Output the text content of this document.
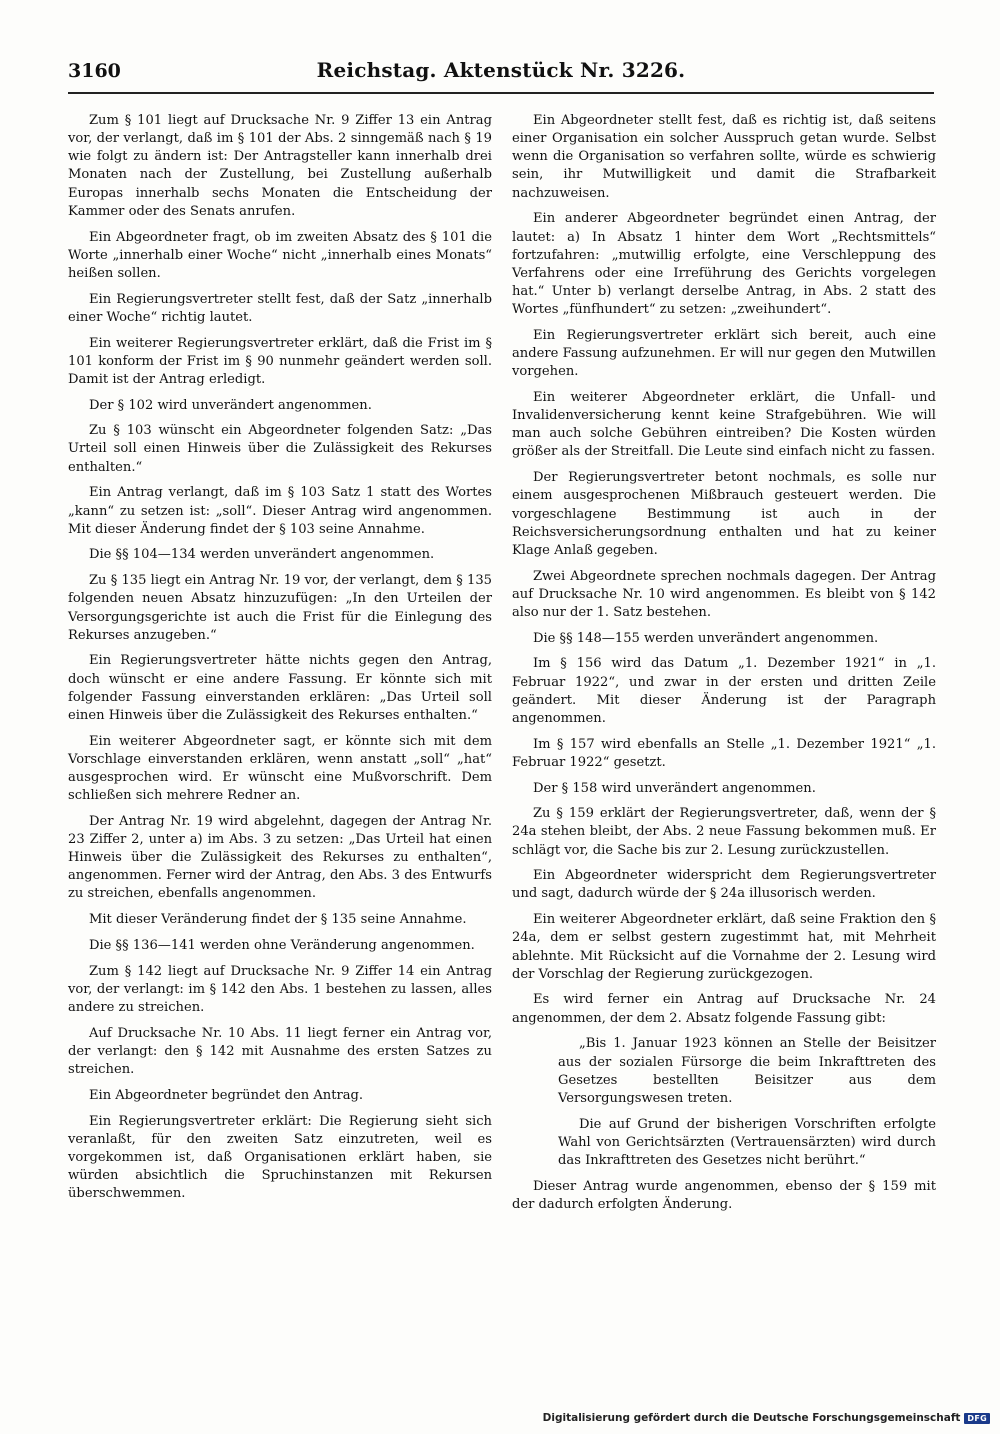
3160	Reichstag. Aktenstück Nr. 3226.

Zum § 101 liegt auf Drucksache Nr. 9 Ziffer 13 ein Antrag vor, der verlangt, daß im § 101 der Abs. 2 sinngemäß nach § 19 wie folgt zu ändern ist: Der Antragsteller kann innerhalb drei Monaten nach der Zustellung, bei Zustellung außerhalb Europas innerhalb sechs Monaten die Entscheidung der Kammer oder des Senats anrufen.

Ein Abgeordneter fragt, ob im zweiten Absatz des § 101 die Worte „innerhalb einer Woche“ nicht „innerhalb eines Monats“ heißen sollen.

Ein Regierungsvertreter stellt fest, daß der Satz „innerhalb einer Woche“ richtig lautet.

Ein weiterer Regierungsvertreter erklärt, daß die Frist im § 101 konform der Frist im § 90 nunmehr geändert werden soll. Damit ist der Antrag erledigt.

Der § 102 wird unverändert angenommen.

Zu § 103 wünscht ein Abgeordneter folgenden Satz: „Das Urteil soll einen Hinweis über die Zulässigkeit des Rekurses enthalten.“

Ein Antrag verlangt, daß im § 103 Satz 1 statt des Wortes „kann“ zu setzen ist: „soll“. Dieser Antrag wird angenommen. Mit dieser Änderung findet der § 103 seine Annahme.

Die §§ 104—134 werden unverändert angenommen.

Zu § 135 liegt ein Antrag Nr. 19 vor, der verlangt, dem § 135 folgenden neuen Absatz hinzuzufügen: „In den Urteilen der Versorgungsgerichte ist auch die Frist für die Einlegung des Rekurses anzugeben.“

Ein Regierungsvertreter hätte nichts gegen den Antrag, doch wünscht er eine andere Fassung. Er könnte sich mit folgender Fassung einverstanden erklären: „Das Urteil soll einen Hinweis über die Zulässigkeit des Rekurses enthalten.“

Ein weiterer Abgeordneter sagt, er könnte sich mit dem Vorschlage einverstanden erklären, wenn anstatt „soll“ „hat“ ausgesprochen wird. Er wünscht eine Mußvorschrift. Dem schließen sich mehrere Redner an.

Der Antrag Nr. 19 wird abgelehnt, dagegen der Antrag Nr. 23 Ziffer 2, unter a) im Abs. 3 zu setzen: „Das Urteil hat einen Hinweis über die Zulässigkeit des Rekurses zu enthalten“, angenommen. Ferner wird der Antrag, den Abs. 3 des Entwurfs zu streichen, ebenfalls angenommen.

Mit dieser Veränderung findet der § 135 seine Annahme.

Die §§ 136—141 werden ohne Veränderung angenommen.

Zum § 142 liegt auf Drucksache Nr. 9 Ziffer 14 ein Antrag vor, der verlangt: im § 142 den Abs. 1 bestehen zu lassen, alles andere zu streichen.

Auf Drucksache Nr. 10 Abs. 11 liegt ferner ein Antrag vor, der verlangt: den § 142 mit Ausnahme des ersten Satzes zu streichen.

Ein Abgeordneter begründet den Antrag.

Ein Regierungsvertreter erklärt: Die Regierung sieht sich veranlaßt, für den zweiten Satz einzutreten, weil es vorgekommen ist, daß Organisationen erklärt haben, sie würden absichtlich die Spruchinstanzen mit Rekursen überschwemmen.

Ein Abgeordneter stellt fest, daß es richtig ist, daß seitens einer Organisation ein solcher Ausspruch getan wurde. Selbst wenn die Organisation so verfahren sollte, würde es schwierig sein, ihr Mutwilligkeit und damit die Strafbarkeit nachzuweisen.

Ein anderer Abgeordneter begründet einen Antrag, der lautet: a) In Absatz 1 hinter dem Wort „Rechtsmittels“ fortzufahren: „mutwillig erfolgte, eine Verschleppung des Verfahrens oder eine Irreführung des Gerichts vorgelegen hat.“ Unter b) verlangt derselbe Antrag, in Abs. 2 statt des Wortes „fünfhundert“ zu setzen: „zweihundert“.

Ein Regierungsvertreter erklärt sich bereit, auch eine andere Fassung aufzunehmen. Er will nur gegen den Mutwillen vorgehen.

Ein weiterer Abgeordneter erklärt, die Unfall- und Invalidenversicherung kennt keine Strafgebühren. Wie will man auch solche Gebühren eintreiben? Die Kosten würden größer als der Streitfall. Die Leute sind einfach nicht zu fassen.

Der Regierungsvertreter betont nochmals, es solle nur einem ausgesprochenen Mißbrauch gesteuert werden. Die vorgeschlagene Bestimmung ist auch in der Reichsversicherungsordnung enthalten und hat zu keiner Klage Anlaß gegeben.

Zwei Abgeordnete sprechen nochmals dagegen. Der Antrag auf Drucksache Nr. 10 wird angenommen. Es bleibt von § 142 also nur der 1. Satz bestehen.

Die §§ 148—155 werden unverändert angenommen.

Im § 156 wird das Datum „1. Dezember 1921“ in „1. Februar 1922“, und zwar in der ersten und dritten Zeile geändert. Mit dieser Änderung ist der Paragraph angenommen.

Im § 157 wird ebenfalls an Stelle „1. Dezember 1921“ „1. Februar 1922“ gesetzt.

Der § 158 wird unverändert angenommen.

Zu § 159 erklärt der Regierungsvertreter, daß, wenn der § 24a stehen bleibt, der Abs. 2 neue Fassung bekommen muß. Er schlägt vor, die Sache bis zur 2. Lesung zurückzustellen.

Ein Abgeordneter widerspricht dem Regierungsvertreter und sagt, dadurch würde der § 24a illusorisch werden.

Ein weiterer Abgeordneter erklärt, daß seine Fraktion den § 24a, dem er selbst gestern zugestimmt hat, mit Mehrheit ablehnte. Mit Rücksicht auf die Vornahme der 2. Lesung wird der Vorschlag der Regierung zurückgezogen.

Es wird ferner ein Antrag auf Drucksache Nr. 24 angenommen, der dem 2. Absatz folgende Fassung gibt:

„Bis 1. Januar 1923 können an Stelle der Beisitzer aus der sozialen Fürsorge die beim Inkrafttreten des Gesetzes bestellten Beisitzer aus dem Versorgungswesen treten.

Die auf Grund der bisherigen Vorschriften erfolgte Wahl von Gerichtsärzten (Vertrauensärzten) wird durch das Inkrafttreten des Gesetzes nicht berührt.“

Dieser Antrag wurde angenommen, ebenso der § 159 mit der dadurch erfolgten Änderung.

Digitalisierung gefördert durch die Deutsche Forschungsgemeinschaft DFG
